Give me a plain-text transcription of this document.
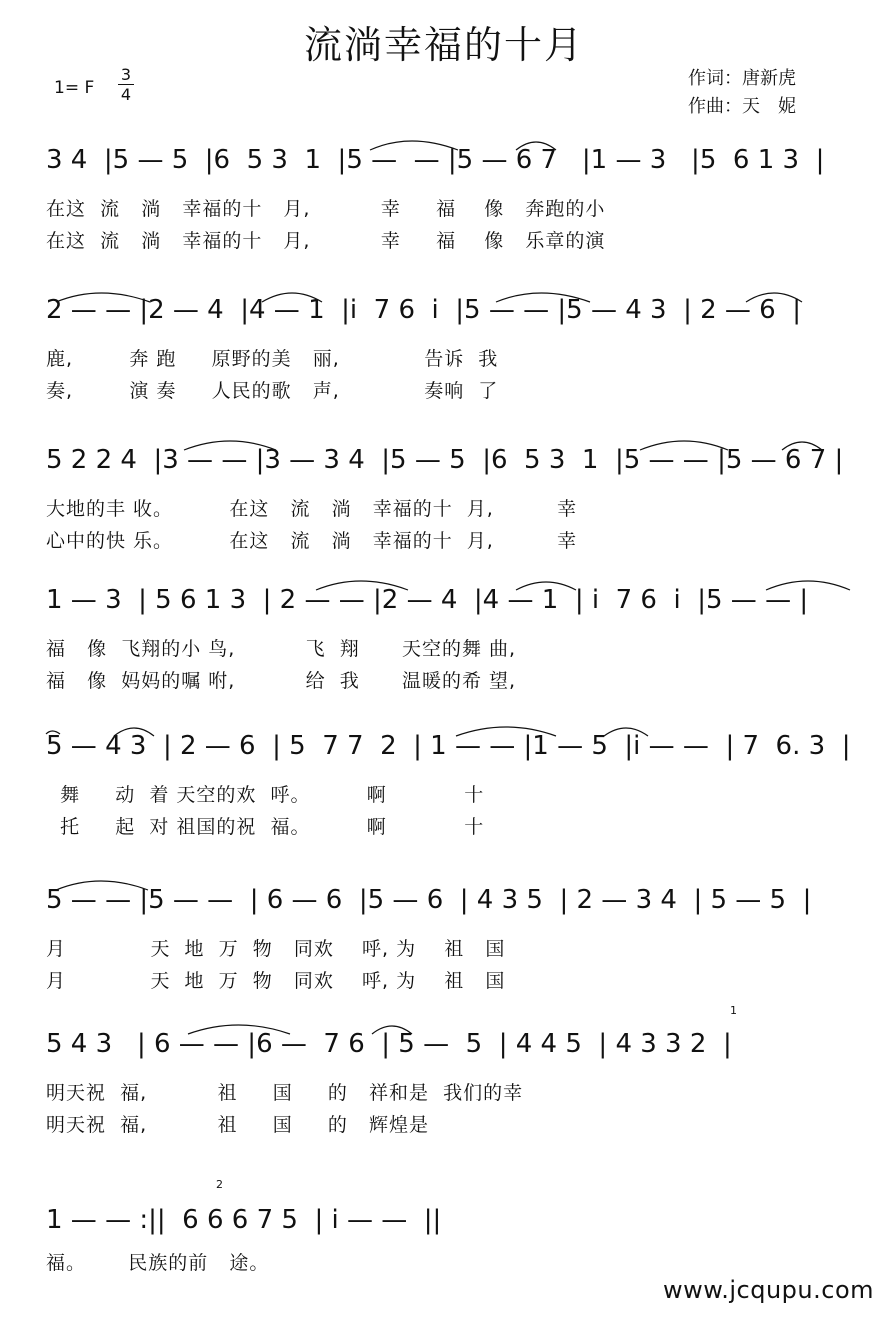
流淌幸福的十月
1= F
3
4
作词：唐新虎
作曲：天　妮
3 4  |5 — 5  |6  5 3  1  |5 —  — |5 — 6 7   |1 — 3   |5  6 1 3  |
在这  流   淌   幸福的十   月,          幸     福    像   奔跑的小
在这  流   淌   幸福的十   月,          幸     福    像   乐章的演
2 — — |2 — 4  |4 — 1  |i  7 6  i  |5 — — |5 — 4 3  | 2 — 6  |
鹿,        奔 跑     原野的美   丽,            告诉  我
奏,        演 奏     人民的歌   声,            奏响  了
5 2 2 4  |3 — — |3 — 3 4  |5 — 5  |6  5 3  1  |5 — — |5 — 6 7 |
大地的丰 收。        在这   流   淌   幸福的十  月,         幸
心中的快 乐。        在这   流   淌   幸福的十  月,         幸
1 — 3  | 5 6 1 3  | 2 — — |2 — 4  |4 — 1  | i  7 6  i  |5 — — |
福   像  飞翔的小 鸟,          飞  翔      天空的舞 曲,
福   像  妈妈的嘱 咐,          给  我      温暖的希 望,
5 — 4 3  | 2 — 6  | 5  7 7  2  | 1 — — |1 — 5  |i — —  | 7  6. 3  |
舞     动  着 天空的欢  呼。        啊           十
托     起  对 祖国的祝  福。        啊           十
5 — — |5 — —  | 6 — 6  |5 — 6  | 4 3 5  | 2 — 3 4  | 5 — 5  |
月            天  地  万  物   同欢    呼, 为    祖   国
月            天  地  万  物   同欢    呼, 为    祖   国
1
5 4 3   | 6 — — |6 —  7 6  | 5 —  5  | 4 4 5  | 4 3 3 2  |
明天祝  福,          祖     国     的   祥和是  我们的幸
明天祝  福,          祖     国     的   辉煌是
2
1 — — :||  6 6 6 7 5  | i — —  ||
福。      民族的前   途。
www.jcqupu.com
